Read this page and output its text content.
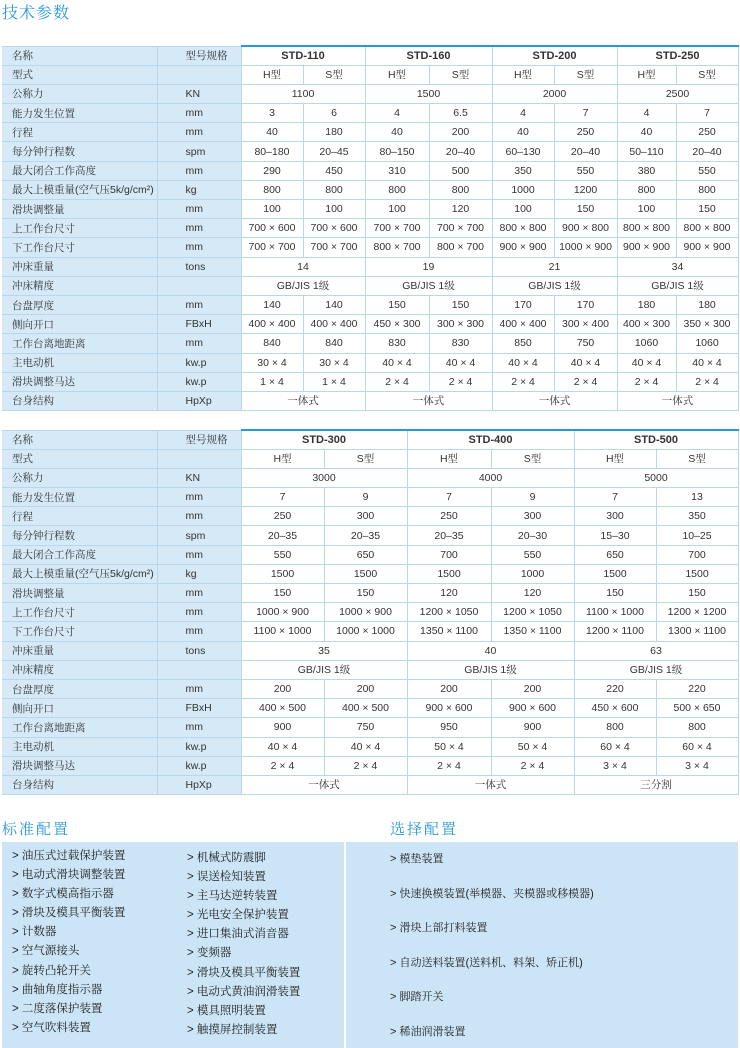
技术参数
名称	型号规格	STD-110		STD-160		STD-200		STD-250	
型式		H型	S型	H型	S型	H型	S型	H型	S型
公称力	KN	1100		1500		2000		2500	
能力发生位置	mm	3	6	4	6.5	4	7	4	7
行程	mm	40	180	40	200	40	250	40	250
每分钟行程数	spm	80–180	20–45	80–150	20–40	60–130	20–40	50–110	20–40
最大闭合工作高度	mm	290	450	310	500	350	550	380	550
最大上模重量(空气压5k/g/cm²)	kg	800	800	800	800	1000	1200	800	800
滑块调整量	mm	100	100	100	120	100	150	100	150
上工作台尺寸	mm	700 × 600	700 × 600	700 × 700	700 × 700	800 × 800	900 × 800	800 × 800	800 × 800
下工作台尺寸	mm	700 × 700	700 × 700	800 × 700	800 × 700	900 × 900	1000 × 900	900 × 900	900 × 900
冲床重量	tons	14		19		21		34	
冲床精度		GB/JIS 1级		GB/JIS 1级		GB/JIS 1级		GB/JIS 1级	
台盘厚度	mm	140	140	150	150	170	170	180	180
侧向开口	FBxH	400 × 400	400 × 400	450 × 300	300 × 300	400 × 400	300 × 400	400 × 300	350 × 300
工作台离地距离	mm	840	840	830	830	850	750	1060	1060
主电动机	kw.p	30 × 4	30 × 4	40 × 4	40 × 4	40 × 4	40 × 4	40 × 4	40 × 4
滑块调整马达	kw.p	1 × 4	1 × 4	2 × 4	2 × 4	2 × 4	2 × 4	2 × 4	2 × 4
台身结构	HpXp	一体式		一体式		一体式		一体式	
名称	型号规格	STD-300		STD-400		STD-500	
型式		H型	S型	H型	S型	H型	S型
公称力	KN	3000		4000		5000	
能力发生位置	mm	7	9	7	9	7	13
行程	mm	250	300	250	300	300	350
每分钟行程数	spm	20–35	20–35	20–35	20–30	15–30	10–25
最大闭合工作高度	mm	550	650	700	550	650	700
最大上模重量(空气压5k/g/cm²)	kg	1500	1500	1500	1000	1500	1500
滑块调整量	mm	150	150	120	120	150	150
上工作台尺寸	mm	1000 × 900	1000 × 900	1200 × 1050	1200 × 1050	1100 × 1000	1200 × 1200
下工作台尺寸	mm	1100 × 1000	1000 × 1000	1350 × 1100	1350 × 1100	1200 × 1100	1300 × 1100
冲床重量	tons	35		40		63	
冲床精度		GB/JIS 1级		GB/JIS 1级		GB/JIS 1级	
台盘厚度	mm	200	200	200	200	220	220
侧向开口	FBxH	400 × 500	400 × 500	900 × 600	900 × 600	450 × 600	500 × 650
工作台离地距离	mm	900	750	950	900	800	800
主电动机	kw.p	40 × 4	40 × 4	50 × 4	50 × 4	60 × 4	60 × 4
滑块调整马达	kw.p	2 × 4	2 × 4	2 × 4	2 × 4	3 × 4	3 × 4
台身结构	HpXp	一体式		一体式		三分割	
标准配置	选择配置
> 油压式过载保护装置
> 电动式滑块调整装置
> 数字式模高指示器
> 滑块及模具平衡装置
> 计数器
> 空气源接头
> 旋转凸轮开关
> 曲轴角度指示器
> 二度落保护装置
> 空气吹料装置
> 机械式防震脚
> 误送检知装置
> 主马达逆转装置
> 光电安全保护装置
> 进口集油式消音器
> 变频器
> 滑块及模具平衡装置
> 电动式黄油润滑装置
> 模具照明装置
> 触摸屏控制装置
> 模垫装置
> 快速换模装置(举模器、夹模器或移模器)
> 滑块上部打料装置
> 自动送料装置(送料机、料架、矫正机)
> 脚踏开关
> 稀油润滑装置
